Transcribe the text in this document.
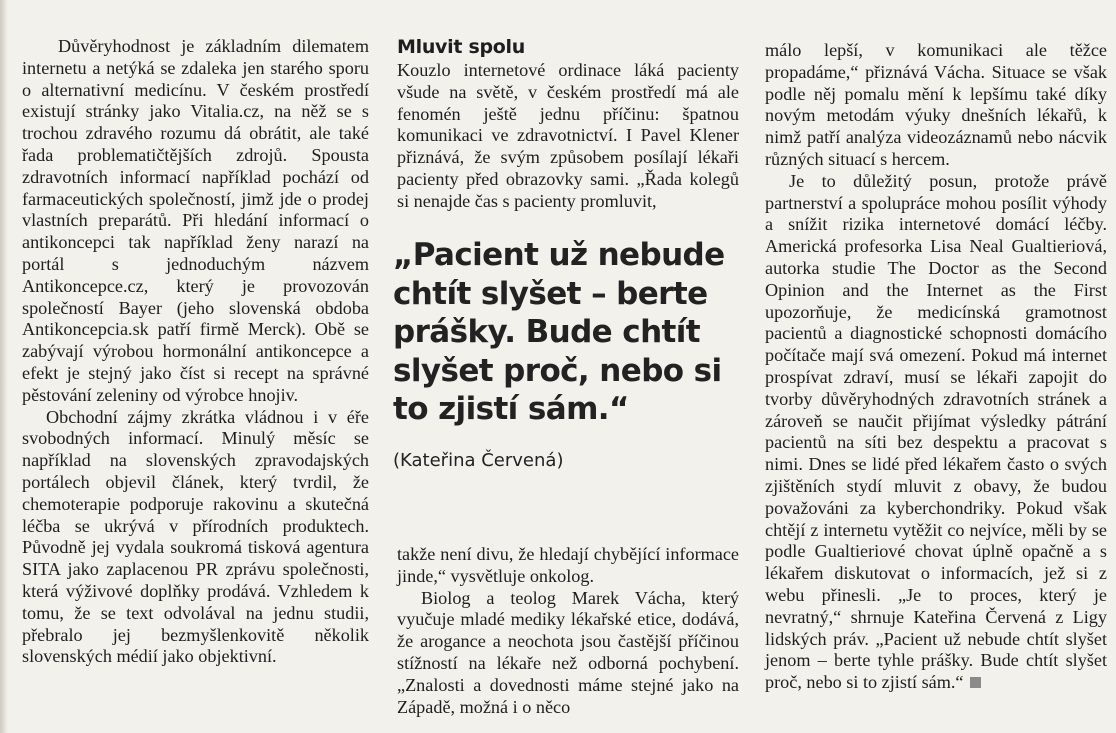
Důvěryhodnost je základním dilematem internetu a netýká se zdaleka jen starého sporu o alternativní medicínu. V českém prostředí existují stránky jako Vitalia.cz, na něž se s trochou zdravého rozumu dá obrátit, ale také řada problematičtějších zdrojů. Spousta zdravotních informací například pochází od farmaceutických společností, jimž jde o prodej vlastních preparátů. Při hledání informací o antikoncepci tak například ženy narazí na portál s jednoduchým názvem Antikoncepce.cz, který je provozován společností Bayer (jeho slovenská obdoba Antikoncepcia.sk patří firmě Merck). Obě se zabývají výrobou hormonální antikoncepce a efekt je stejný jako číst si recept na správné pěstování zeleniny od výrobce hnojiv.

Obchodní zájmy zkrátka vládnou i v éře svobodných informací. Minulý měsíc se například na slovenských zpravodajských portálech objevil článek, který tvrdil, že chemoterapie podporuje rakovinu a skutečná léčba se ukrývá v přírodních produktech. Původně jej vydala soukromá tisková agentura SITA jako zaplacenou PR zprávu společnosti, která výživové doplňky prodává. Vzhledem k tomu, že se text odvolával na jednu studii, přebralo jej bezmyšlenkovitě několik slovenských médií jako objektivní.

Mluvit spolu

Kouzlo internetové ordinace láká pacienty všude na světě, v českém prostředí má ale fenomén ještě jednu příčinu: špatnou komunikaci ve zdravotnictví. I Pavel Klener přiznává, že svým způsobem posílají lékaři pacienty před obrazovky sami. „Řada kolegů si nenajde čas s pacienty promluvit,

„Pacient už nebude chtít slyšet – berte prášky. Bude chtít slyšet proč, nebo si to zjistí sám.“
(Kateřina Červená)

takže není divu, že hledají chybějící informace jinde,“ vysvětluje onkolog.

Biolog a teolog Marek Vácha, který vyučuje mladé mediky lékařské etice, dodává, že arogance a neochota jsou častější příčinou stížností na lékaře než odborná pochybení. „Znalosti a dovednosti máme stejné jako na Západě, možná i o něco

málo lepší, v komunikaci ale těžce propadáme,“ přiznává Vácha. Situace se však podle něj pomalu mění k lepšímu také díky novým metodám výuky dnešních lékařů, k nimž patří analýza videozáznamů nebo nácvik různých situací s hercem.

Je to důležitý posun, protože právě partnerství a spolupráce mohou posílit výhody a snížit rizika internetové domácí léčby. Americká profesorka Lisa Neal Gualtieriová, autorka studie The Doctor as the Second Opinion and the Internet as the First upozorňuje, že medicínská gramotnost pacientů a diagnostické schopnosti domácího počítače mají svá omezení. Pokud má internet prospívat zdraví, musí se lékaři zapojit do tvorby důvěryhodných zdravotních stránek a zároveň se naučit přijímat výsledky pátrání pacientů na síti bez despektu a pracovat s nimi. Dnes se lidé před lékařem často o svých zjištěních stydí mluvit z obavy, že budou považováni za kyberchondriky. Pokud však chtějí z internetu vytěžit co nejvíce, měli by se podle Gualtieriové chovat úplně opačně a s lékařem diskutovat o informacích, jež si z webu přinesli. „Je to proces, který je nevratný,“ shrnuje Kateřina Červená z Ligy lidských práv. „Pacient už nebude chtít slyšet jenom – berte tyhle prášky. Bude chtít slyšet proč, nebo si to zjistí sám.“
